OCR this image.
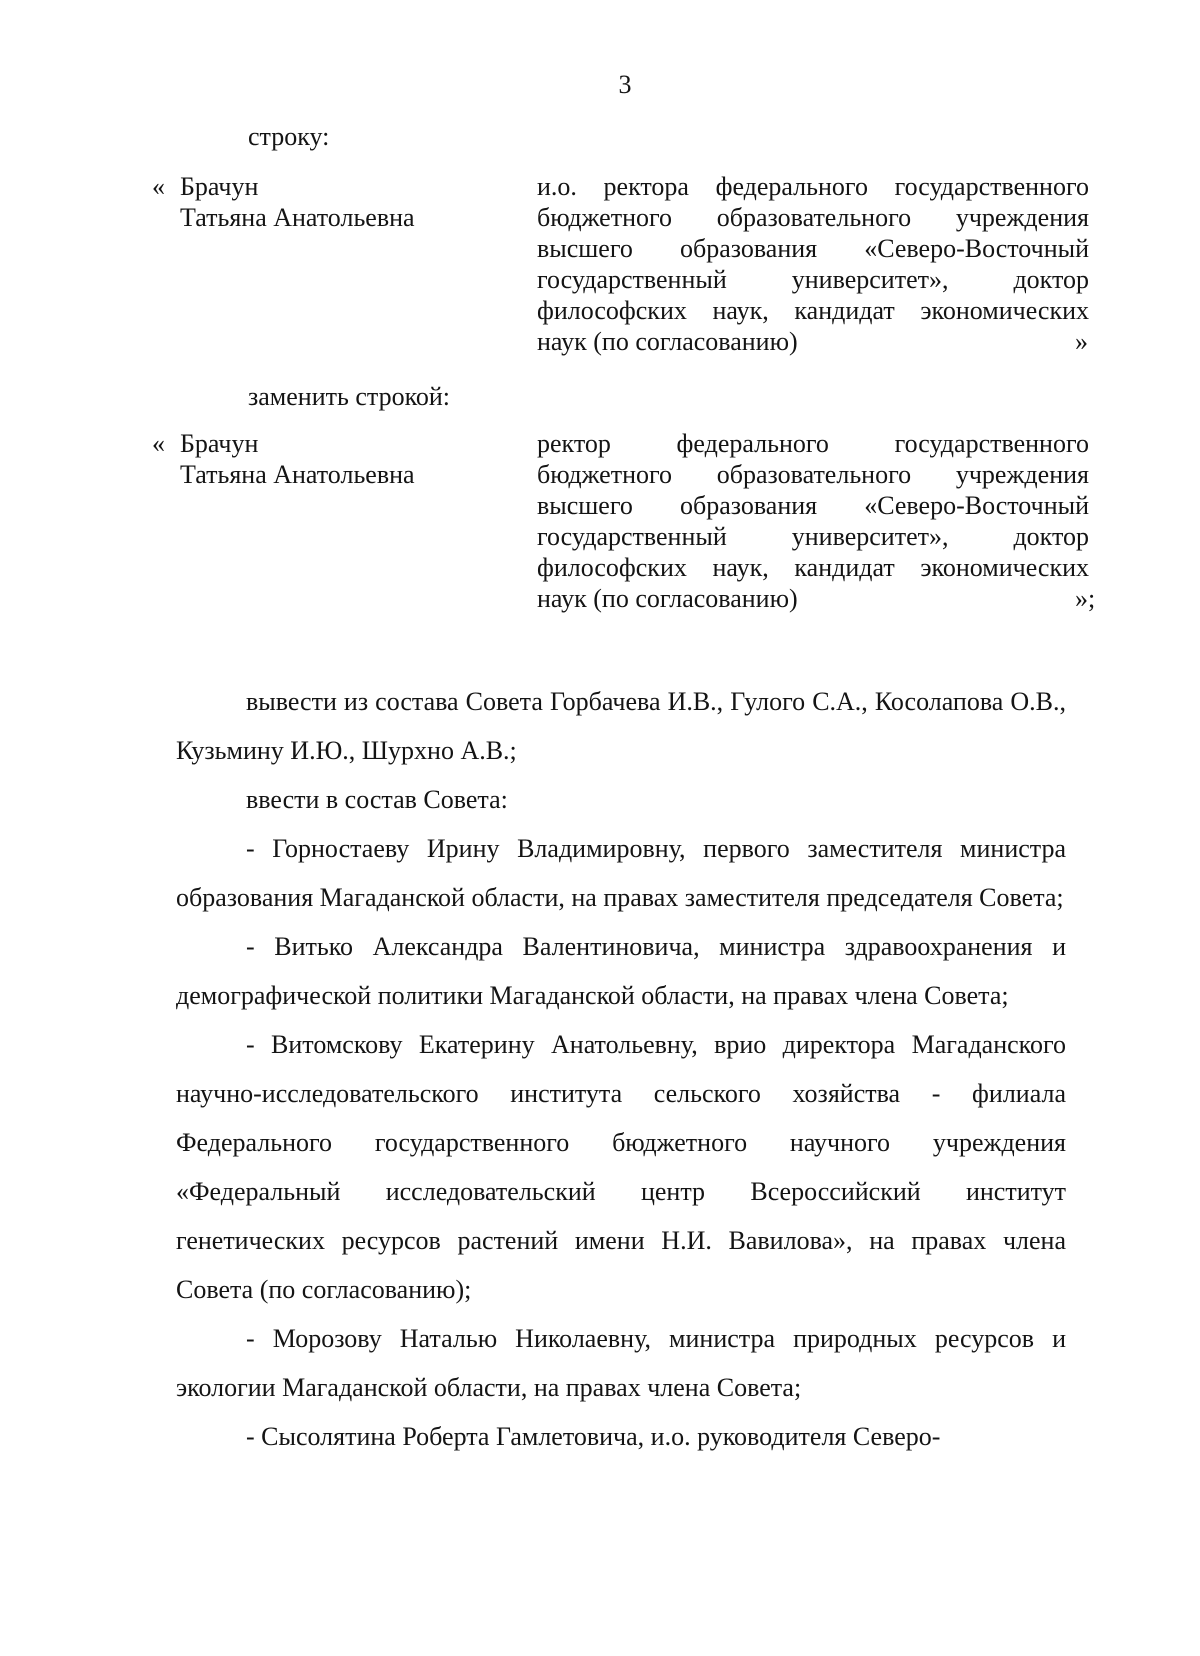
3
строку:
« Брачун
Татьяна Анатольевна
и.о. ректора федерального государственного
бюджетного образовательного учреждения
высшего образования «Северо-Восточный
государственный университет», доктор
философских наук, кандидат экономических
наук (по согласованию)	»
заменить строкой:
« Брачун
Татьяна Анатольевна
ректор федерального государственного
бюджетного образовательного учреждения
высшего образования «Северо-Восточный
государственный университет», доктор
философских наук, кандидат экономических
наук (по согласованию)	»;

вывести из состава Совета Горбачева И.В., Гулого С.А., Косолапова О.В., Кузьмину И.Ю., Шурхно А.В.;

ввести в состав Совета:

- Горностаеву Ирину Владимировну, первого заместителя министра образования Магаданской области, на правах заместителя председателя Совета;

- Витько Александра Валентиновича, министра здравоохранения и демографической политики Магаданской области, на правах члена Совета;

- Витомскову Екатерину Анатольевну, врио директора Магаданского научно-исследовательского института сельского хозяйства - филиала Федерального государственного бюджетного научного учреждения «Федеральный исследовательский центр Всероссийский институт генетических ресурсов растений имени Н.И. Вавилова», на правах члена Совета (по согласованию);

- Морозову Наталью Николаевну, министра природных ресурсов и экологии Магаданской области, на правах члена Совета;

- Сысолятина Роберта Гамлетовича, и.о. руководителя Северо-
